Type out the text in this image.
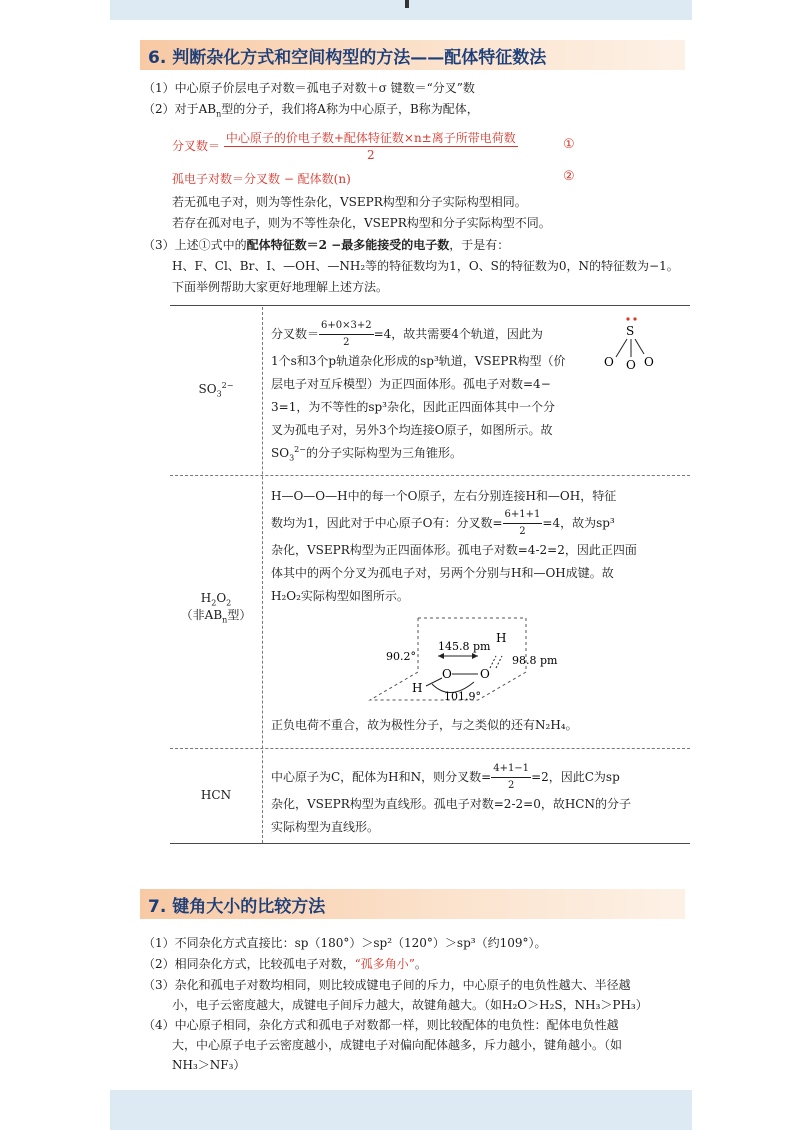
6. 判断杂化方式和空间构型的方法——配体特征数法
（1）中心原子价层电子对数＝孤电子对数＋σ 键数＝“分叉”数
（2）对于$AB_n$型的分子，我们将A称为中心原子，B称为配体，
分叉数＝ $\frac{\text{中心原子的价电子数+配体特征数×n±离子所带电荷数}}{2}$	①
孤电子对数＝分叉数 − 配体数(n)	②
若无孤电子对，则为等性杂化，VSEPR构型和分子实际构型相同。
若存在孤对电子，则为不等性杂化，VSEPR构型和分子实际构型不同。
（3）上述①式中的配体特征数＝2 −最多能接受的电子数，于是有：
H、F、Cl、Br、I、—OH、—NH₂等的特征数均为1，O、S的特征数为0，N的特征数为−1。
下面举例帮助大家更好地理解上述方法。
$SO_3^{2-}$
分叉数＝ $\frac{6+0\times 3+2}{2} =4$，故共需要4个轨道，因此为
1个s和3个p轨道杂化形成的sp³轨道，VSEPR构型（价
层电子对互斥模型）为正四面体形。孤电子对数=4−
3=1，为不等性的sp³杂化，因此正四面体其中一个分
叉为孤电子对，另外3个均连接O原子，如图所示。故
$SO_3^{2-}$的分子实际构型为三角锥形。
S
O O O
$H_2O_2$
（非$AB_n$型）
H—O—O—H中的每一个O原子，左右分别连接H和—OH，特征
数均为1，因此对于中心原子O有：分叉数= $\frac{6+1+1}{2} =4$，故为sp³
杂化，VSEPR构型为正四面体形。孤电子对数=4-2=2，因此正四面
体其中的两个分叉为孤电子对，另两个分别与H和—OH成键。故
H₂O₂实际构型如图所示。
90.2°
145.8 pm
H
98.8 pm
O O
H
101.9°
正负电荷不重合，故为极性分子，与之类似的还有N₂H₄。
HCN
中心原子为C，配体为H和N，则分叉数= $\frac{4+1-1}{2} =2$，因此C为sp
杂化，VSEPR构型为直线形。孤电子对数=2-2=0，故HCN的分子
实际构型为直线形。
7. 键角大小的比较方法
（1）不同杂化方式直接比：sp（180°）＞sp²（120°）＞sp³（约109°）。
（2）相同杂化方式，比较孤电子对数，“孤多角小”。
（3）杂化和孤电子对数均相同，则比较成键电子间的斥力，中心原子的电负性越大、半径越
小，电子云密度越大，成键电子间斥力越大，故键角越大。（如H₂O＞H₂S，NH₃＞PH₃）
（4）中心原子相同，杂化方式和孤电子对数都一样，则比较配体的电负性：配体电负性越
大，中心原子电子云密度越小，成键电子对偏向配体越多，斥力越小，键角越小。（如
NH₃＞NF₃）
